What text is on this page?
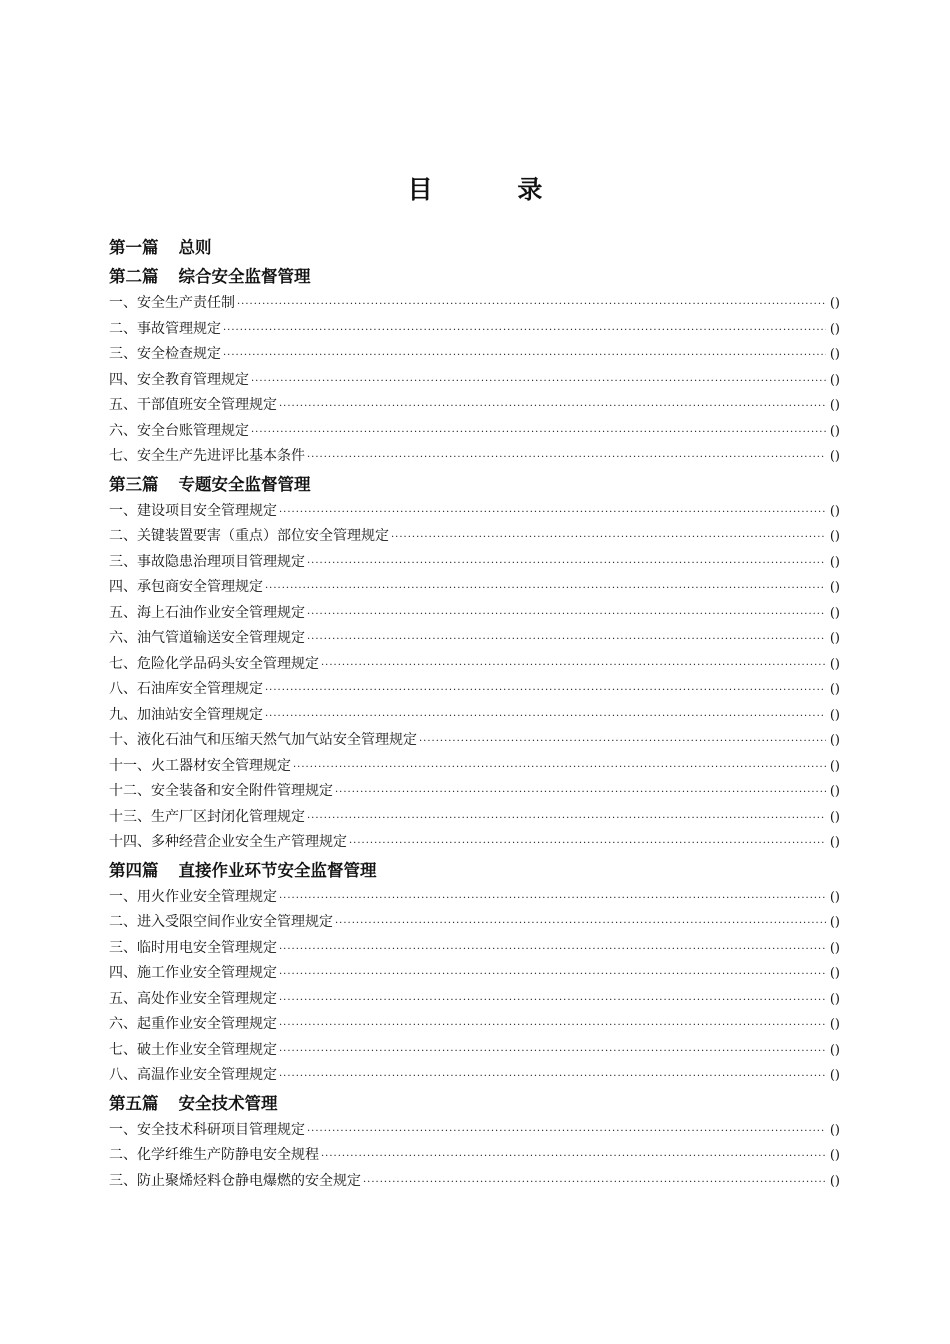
目 录
第一篇 总则
第二篇 综合安全监督管理
一、安全生产责任制 ·····	()
二、事故管理规定 ·····	()
三、安全检查规定 ·····	()
四、安全教育管理规定 ·····	()
五、干部值班安全管理规定 ·····	()
六、安全台账管理规定 ·····	()
七、安全生产先进评比基本条件 ·····	()
第三篇 专题安全监督管理
一、建设项目安全管理规定 ·····	()
二、关键装置要害（重点）部位安全管理规定 ·····	()
三、事故隐患治理项目管理规定 ·····	()
四、承包商安全管理规定 ·····	()
五、海上石油作业安全管理规定 ·····	()
六、油气管道输送安全管理规定 ·····	()
七、危险化学品码头安全管理规定 ·····	()
八、石油库安全管理规定 ·····	()
九、加油站安全管理规定 ·····	()
十、液化石油气和压缩天然气加气站安全管理规定 ·····	()
十一、火工器材安全管理规定 ·····	()
十二、安全装备和安全附件管理规定 ·····	()
十三、生产厂区封闭化管理规定 ·····	()
十四、多种经营企业安全生产管理规定 ·····	()
第四篇 直接作业环节安全监督管理
一、用火作业安全管理规定 ·····	()
二、进入受限空间作业安全管理规定 ·····	()
三、临时用电安全管理规定 ·····	()
四、施工作业安全管理规定 ·····	()
五、高处作业安全管理规定 ·····	()
六、起重作业安全管理规定 ·····	()
七、破土作业安全管理规定 ·····	()
八、高温作业安全管理规定 ·····	()
第五篇 安全技术管理
一、安全技术科研项目管理规定 ·····	()
二、化学纤维生产防静电安全规程 ·····	()
三、防止聚烯烃料仓静电爆燃的安全规定 ·····	()
